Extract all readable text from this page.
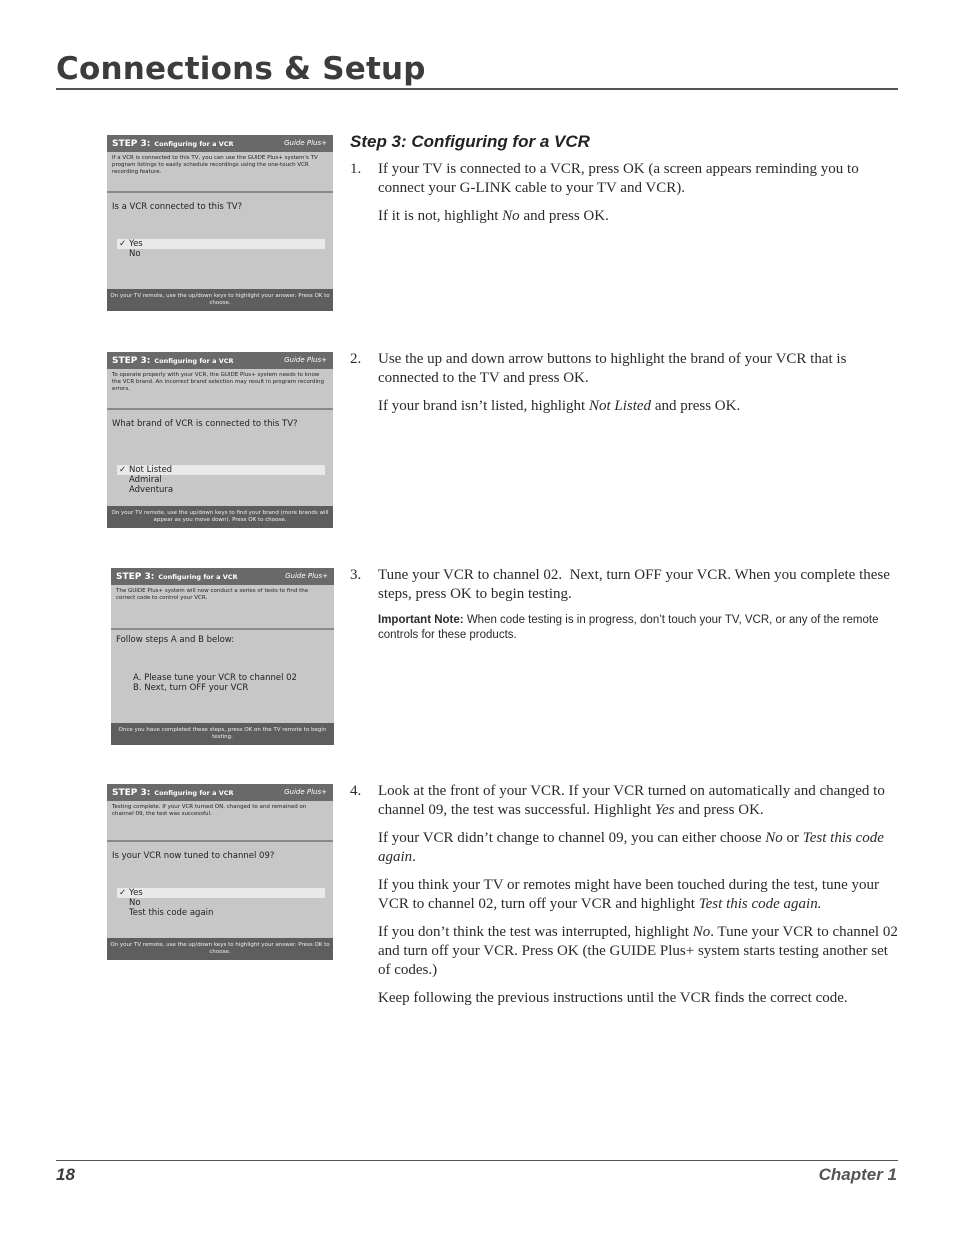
Connections & Setup
Step 3: Configuring for a VCR
STEP 3: Configuring for a VCR	Guide Plus+
If a VCR is connected to this TV, you can use the GUIDE Plus+ system's TV program listings to easily schedule recordings using the one-touch VCR recording feature.
Is a VCR connected to this TV?
✓ Yes
No
On your TV remote, use the up/down keys to highlight your answer. Press OK to choose.
STEP 3: Configuring for a VCR	Guide Plus+
To operate properly with your VCR, the GUIDE Plus+ system needs to know the VCR brand. An incorrect brand selection may result in program recording errors.
What brand of VCR is connected to this TV?
✓ Not Listed
Admiral
Adventura
On your TV remote, use the up/down keys to find your brand (more brands will appear as you move down). Press OK to choose.
STEP 3: Configuring for a VCR	Guide Plus+
The GUIDE Plus+ system will now conduct a series of tests to find the correct code to control your VCR.
Follow steps A and B below:
A. Please tune your VCR to channel 02
B. Next, turn OFF your VCR
Once you have completed these steps, press OK on the TV remote to begin testing.
STEP 3: Configuring for a VCR	Guide Plus+
Testing complete. If your VCR turned ON, changed to and remained on channel 09, the test was successful.
Is your VCR now tuned to channel 09?
✓ Yes
No
Test this code again
On your TV remote, use the up/down keys to highlight your answer. Press OK to choose.
1.	If your TV is connected to a VCR, press OK (a screen appears reminding you to connect your G-LINK cable to your TV and VCR).

If it is not, highlight No and press OK.

2.	Use the up and down arrow buttons to highlight the brand of your VCR that is connected to the TV and press OK.

If your brand isn’t listed, highlight Not Listed and press OK.

3.	Tune your VCR to channel 02.  Next, turn OFF your VCR. When you complete these steps, press OK to begin testing.

Important Note: When code testing is in progress, don’t touch your TV, VCR, or any of the remote controls for these products.
4.	Look at the front of your VCR. If your VCR turned on automatically and changed to channel 09, the test was successful. Highlight Yes and press OK.

If your VCR didn’t change to channel 09, you can either choose No or Test this code again.

If you think your TV or remotes might have been touched during the test, tune your VCR to channel 02, turn off your VCR and highlight Test this code again.

If you don’t think the test was interrupted, highlight No. Tune your VCR to channel 02 and turn off your VCR. Press OK (the GUIDE Plus+ system starts testing another set of codes.)

Keep following the previous instructions until the VCR finds the correct code.

18	Chapter 1
